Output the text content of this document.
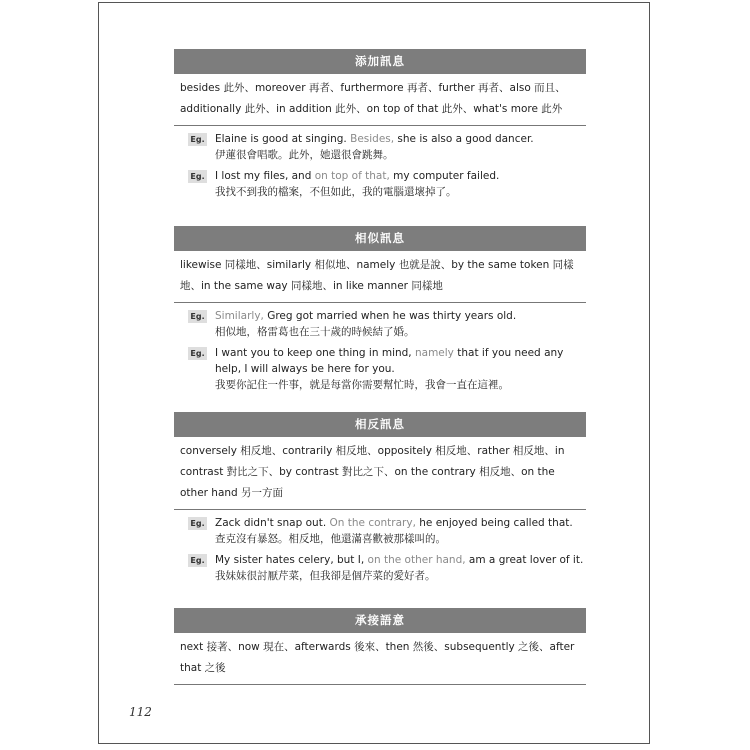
添加訊息
besides 此外、moreover 再者、furthermore 再者、further 再者、also 而且、additionally 此外、in addition 此外、on top of that 此外、what's more 此外
Eg. Elaine is good at singing. Besides, she is also a good dancer.
伊蓮很會唱歌。此外，她還很會跳舞。
Eg. I lost my files, and on top of that, my computer failed.
我找不到我的檔案，不但如此，我的電腦還壞掉了。
相似訊息
likewise 同樣地、similarly 相似地、namely 也就是說、by the same token 同樣地、in the same way 同樣地、in like manner 同樣地
Eg. Similarly, Greg got married when he was thirty years old.
相似地，格雷葛也在三十歲的時候結了婚。
Eg. I want you to keep one thing in mind, namely that if you need any help, I will always be here for you.
我要你記住一件事，就是每當你需要幫忙時，我會一直在這裡。
相反訊息
conversely 相反地、contrarily 相反地、oppositely 相反地、rather 相反地、in contrast 對比之下、by contrast 對比之下、on the contrary 相反地、on the other hand 另一方面
Eg. Zack didn't snap out. On the contrary, he enjoyed being called that.
查克沒有暴怒。相反地，他還滿喜歡被那樣叫的。
Eg. My sister hates celery, but I, on the other hand, am a great lover of it.
我妹妹很討厭芹菜，但我卻是個芹菜的愛好者。
承接語意
next 接著、now 現在、afterwards 後來、then 然後、subsequently 之後、after that 之後
112
